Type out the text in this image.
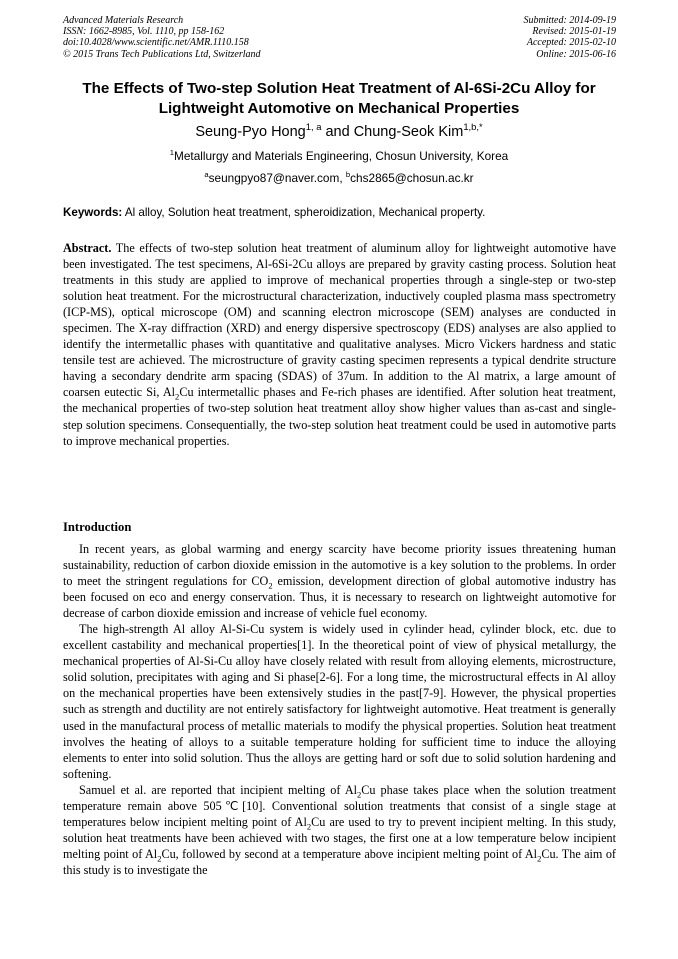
Advanced Materials Research
ISSN: 1662-8985, Vol. 1110, pp 158-162
doi:10.4028/www.scientific.net/AMR.1110.158
© 2015 Trans Tech Publications Ltd, Switzerland
Submitted: 2014-09-19
Revised: 2015-01-19
Accepted: 2015-02-10
Online: 2015-06-16
The Effects of Two-step Solution Heat Treatment of Al-6Si-2Cu Alloy for
Lightweight Automotive on Mechanical Properties
Seung-Pyo Hong$^{1, a}$ and Chung-Seok Kim$^{1,b,*}$
$^1$Metallurgy and Materials Engineering, Chosun University, Korea
$^a$seungpyo87@naver.com, $^b$chs2865@chosun.ac.kr
Keywords: Al alloy, Solution heat treatment, spheroidization, Mechanical property.
Abstract. The effects of two-step solution heat treatment of aluminum alloy for lightweight automotive have been investigated. The test specimens, Al-6Si-2Cu alloys are prepared by gravity casting process. Solution heat treatments in this study are applied to improve of mechanical properties through a single-step or two-step solution heat treatment. For the microstructural characterization, inductively coupled plasma mass spectrometry (ICP-MS), optical microscope (OM) and scanning electron microscope (SEM) analyses are conducted in specimen. The X-ray diffraction (XRD) and energy dispersive spectroscopy (EDS) analyses are also applied to identify the intermetallic phases with quantitative and qualitative analyses. Micro Vickers hardness and static tensile test are achieved. The microstructure of gravity casting specimen represents a typical dendrite structure having a secondary dendrite arm spacing (SDAS) of 37um. In addition to the Al matrix, a large amount of coarsen eutectic Si, $Al_2Cu$ intermetallic phases and Fe-rich phases are identified. After solution heat treatment, the mechanical properties of two-step solution heat treatment alloy show higher values than as-cast and single-step solution specimens. Consequentially, the two-step solution heat treatment could be used in automotive parts to improve mechanical properties.
Introduction

In recent years, as global warming and energy scarcity have become priority issues threatening human sustainability, reduction of carbon dioxide emission in the automotive is a key solution to the problems. In order to meet the stringent regulations for $CO_2$ emission, development direction of global automotive industry has been focused on eco and energy conservation. Thus, it is necessary to research on lightweight automotive for decrease of carbon dioxide emission and increase of vehicle fuel economy.

The high-strength Al alloy Al-Si-Cu system is widely used in cylinder head, cylinder block, etc. due to excellent castability and mechanical properties[1]. In the theoretical point of view of physical metallurgy, the mechanical properties of Al-Si-Cu alloy have closely related with result from alloying elements, microstructure, solid solution, precipitates with aging and Si phase[2-6]. For a long time, the microstructural effects in Al alloy on the mechanical properties have been extensively studies in the past[7-9]. However, the physical properties such as strength and ductility are not entirely satisfactory for lightweight automotive. Heat treatment is generally used in the manufactural process of metallic materials to modify the physical properties. Solution heat treatment involves the heating of alloys to a suitable temperature holding for sufficient time to induce the alloying elements to enter into solid solution. Thus the alloys are getting hard or soft due to solid solution hardening and softening.

Samuel et al. are reported that incipient melting of $Al_2Cu$ phase takes place when the solution treatment temperature remain above 505℃[10]. Conventional solution treatments that consist of a single stage at temperatures below incipient melting point of $Al_2Cu$ are used to try to prevent incipient melting. In this study, solution heat treatments have been achieved with two stages, the first one at a low temperature below incipient melting point of $Al_2Cu$, followed by second at a temperature above incipient melting point of $Al_2Cu$. The aim of this study is to investigate the
